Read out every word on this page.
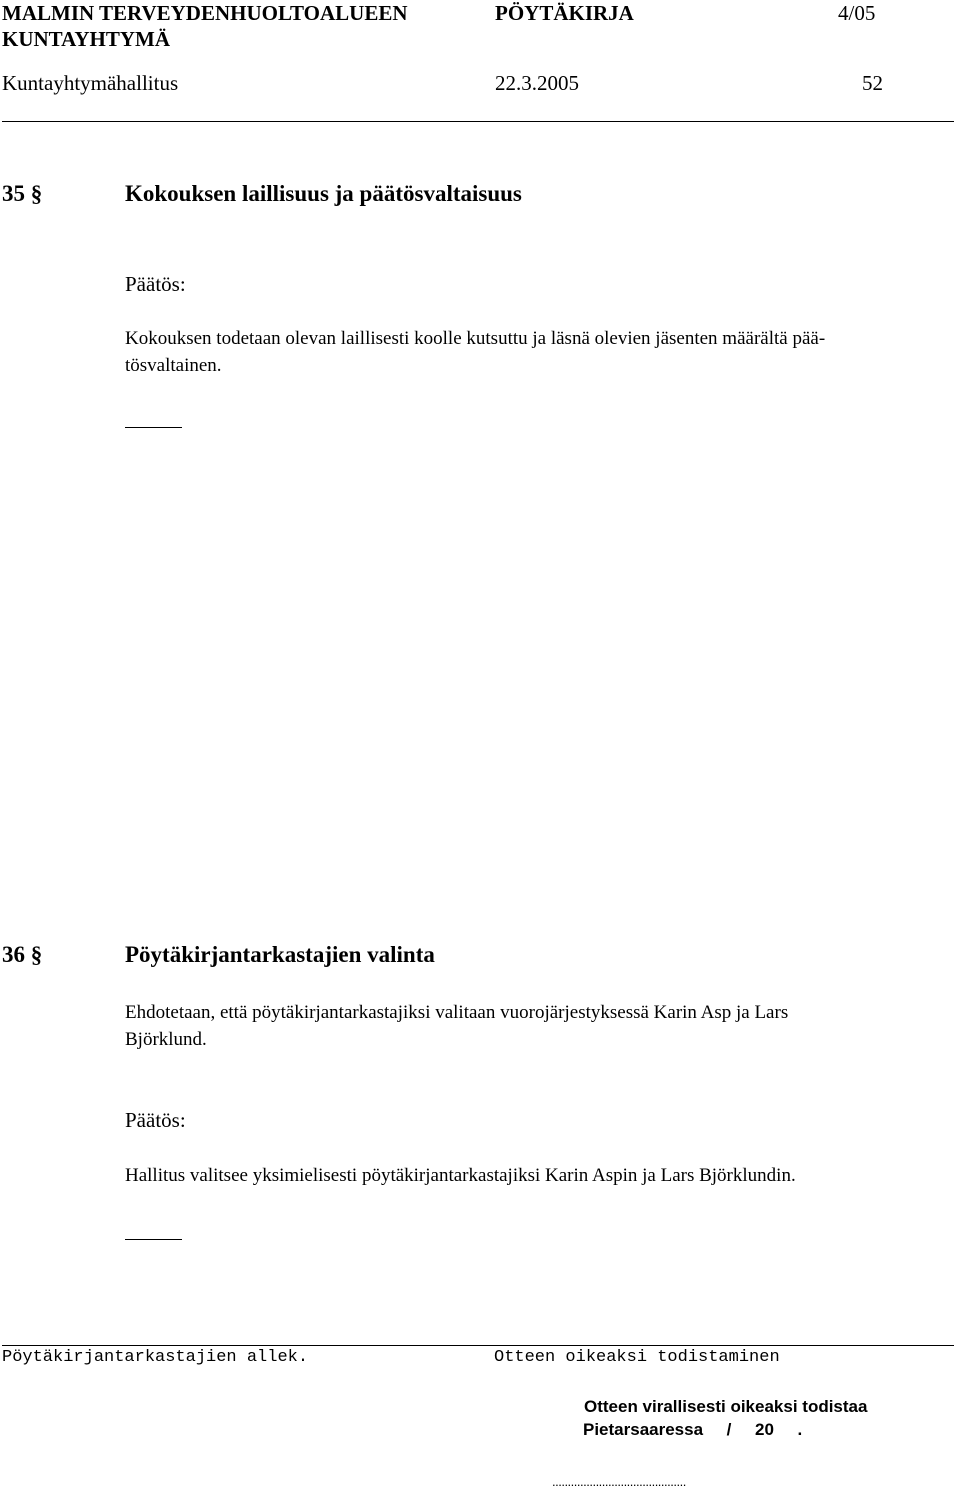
MALMIN TERVEYDENHUOLTOALUEEN
KUNTAYHTYMÄ
PÖYTÄKIRJA	4/05
Kuntayhtymähallitus	22.3.2005	52
35 §	Kokouksen laillisuus ja päätösvaltaisuus
Päätös:
Kokouksen todetaan olevan laillisesti koolle kutsuttu ja läsnä olevien jäsenten määrältä pää-
tösvaltainen.
36 §	Pöytäkirjantarkastajien valinta
Ehdotetaan, että pöytäkirjantarkastajiksi valitaan vuorojärjestyksessä Karin Asp ja Lars
Björklund.
Päätös:
Hallitus valitsee yksimielisesti pöytäkirjantarkastajiksi Karin Aspin ja Lars Björklundin.
Pöytäkirjantarkastajien allek.	Otteen oikeaksi todistaminen
Otteen virallisesti oikeaksi todistaa
Pietarsaaressa     /     20     .
...........................................
